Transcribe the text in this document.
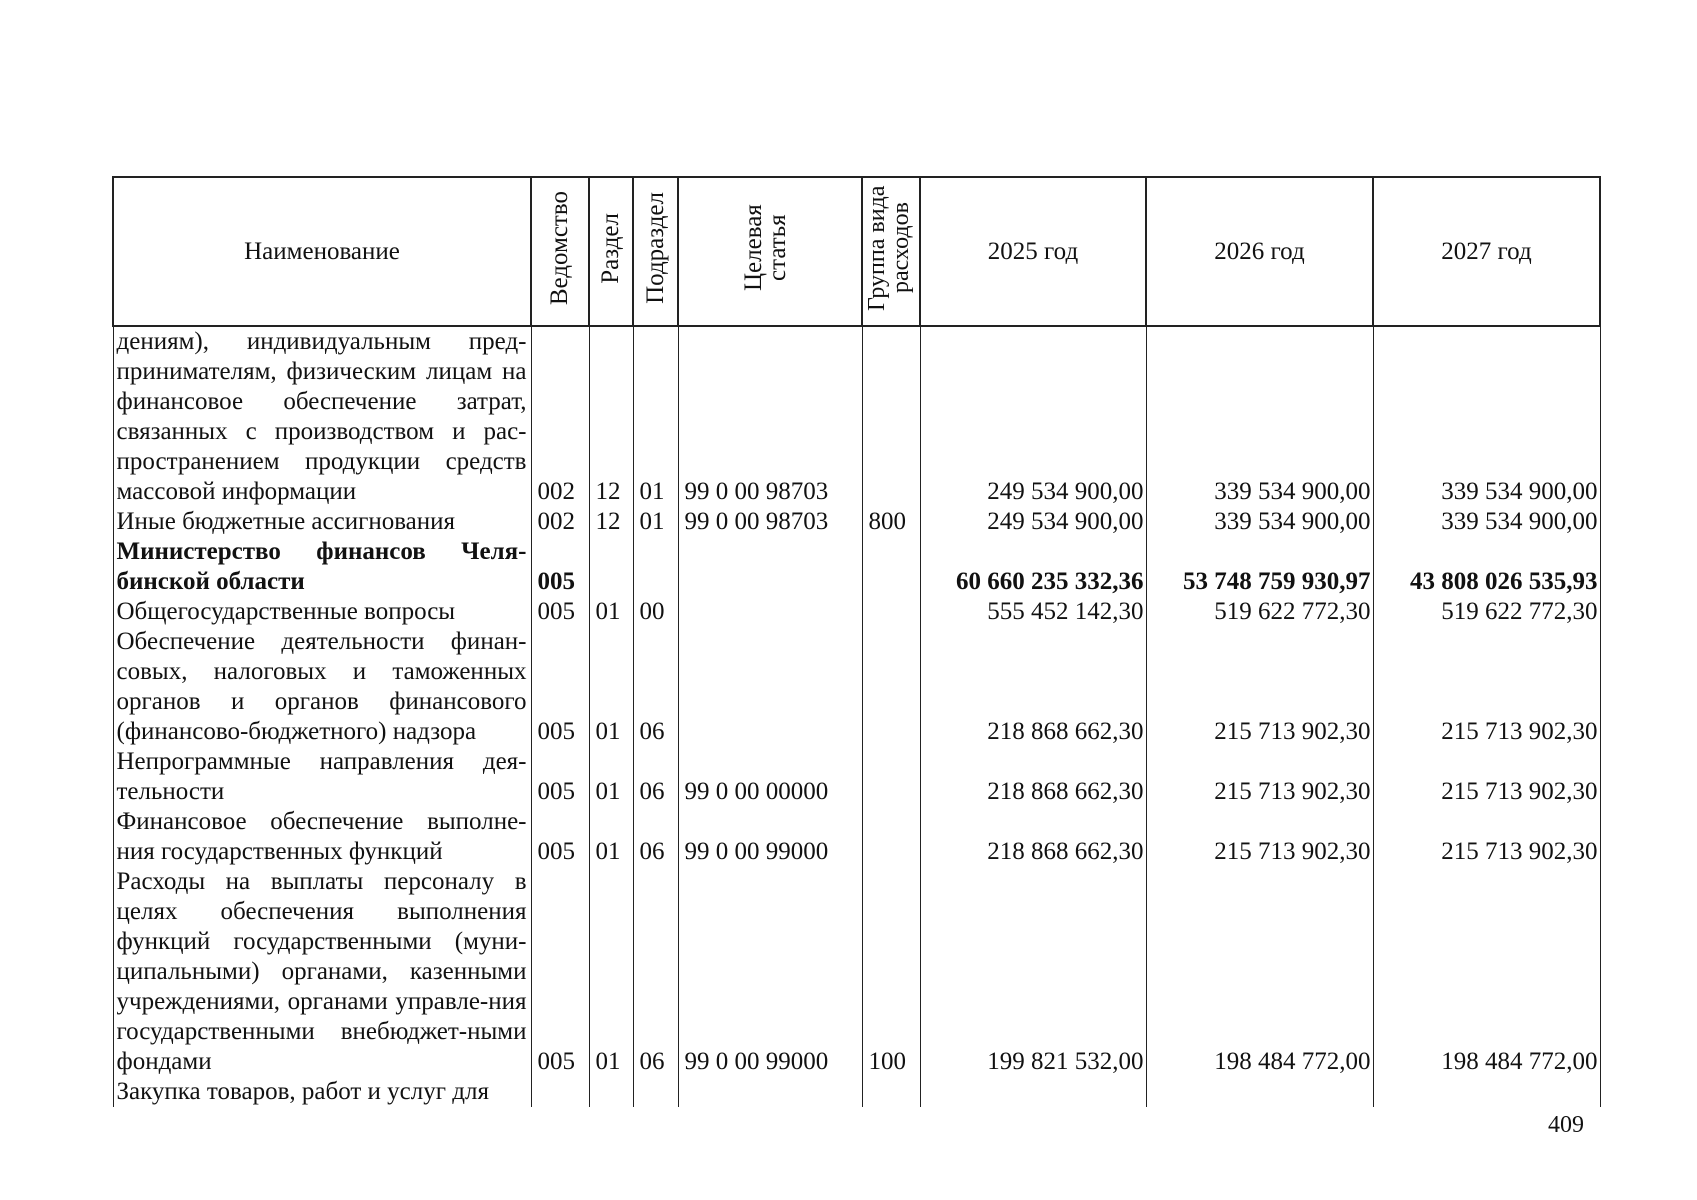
Наименование	Ведомство	Раздел	Подраздел	Целевая статья	Группа вида расходов	2025 год	2026 год	2027 год
дениям), индивидуальным пред-принимателям, физическим лицам на финансовое обеспечение затрат, связанных с производством и рас-пространением продукции средств массовой информации	002	12	01	99 0 00 98703		249 534 900,00	339 534 900,00	339 534 900,00
Иные бюджетные ассигнования	002	12	01	99 0 00 98703	800	249 534 900,00	339 534 900,00	339 534 900,00
Министерство финансов Челя-бинской области	005					60 660 235 332,36	53 748 759 930,97	43 808 026 535,93
Общегосударственные вопросы	005	01	00			555 452 142,30	519 622 772,30	519 622 772,30
Обеспечение деятельности финан-совых, налоговых и таможенных органов и органов финансового (финансово-бюджетного) надзора	005	01	06			218 868 662,30	215 713 902,30	215 713 902,30
Непрограммные направления дея-тельности	005	01	06	99 0 00 00000		218 868 662,30	215 713 902,30	215 713 902,30
Финансовое обеспечение выполне-ния государственных функций	005	01	06	99 0 00 99000		218 868 662,30	215 713 902,30	215 713 902,30
Расходы на выплаты персоналу в целях обеспечения выполнения функций государственными (муни-ципальными) органами, казенными учреждениями, органами управле-ния государственными внебюджет-ными фондами	005	01	06	99 0 00 99000	100	199 821 532,00	198 484 772,00	198 484 772,00
Закупка товаров, работ и услуг для								
409
